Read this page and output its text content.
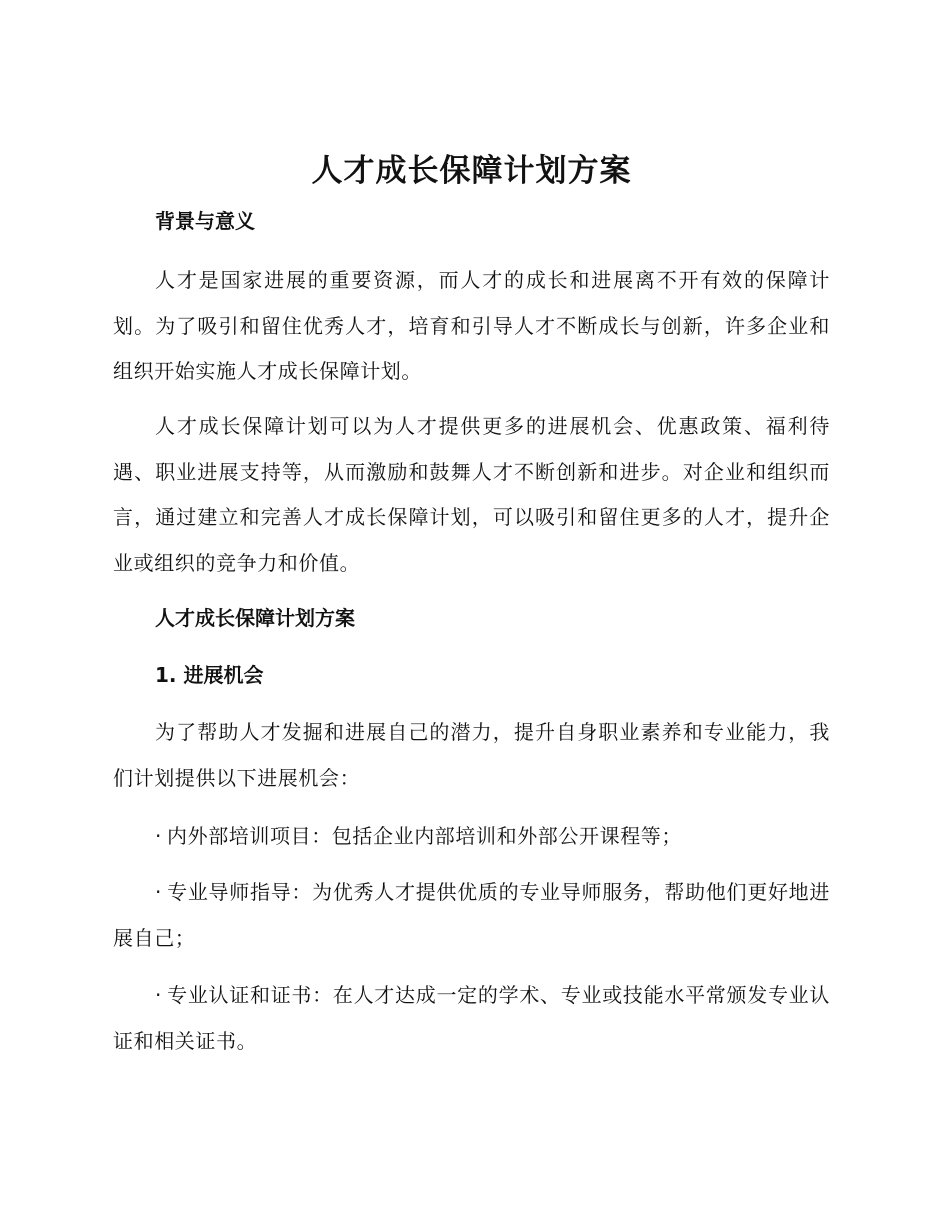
人才成长保障计划方案
背景与意义

人才是国家进展的重要资源，而人才的成长和进展离不开有效的保障计划。为了吸引和留住优秀人才，培育和引导人才不断成长与创新，许多企业和组织开始实施人才成长保障计划。

人才成长保障计划可以为人才提供更多的进展机会、优惠政策、福利待遇、职业进展支持等，从而激励和鼓舞人才不断创新和进步。对企业和组织而言，通过建立和完善人才成长保障计划，可以吸引和留住更多的人才，提升企业或组织的竞争力和价值。

人才成长保障计划方案
1. 进展机会

为了帮助人才发掘和进展自己的潜力，提升自身职业素养和专业能力，我们计划提供以下进展机会：

· 内外部培训项目：包括企业内部培训和外部公开课程等；

· 专业导师指导：为优秀人才提供优质的专业导师服务，帮助他们更好地进展自己；

· 专业认证和证书：在人才达成一定的学术、专业或技能水平常颁发专业认证和相关证书。
